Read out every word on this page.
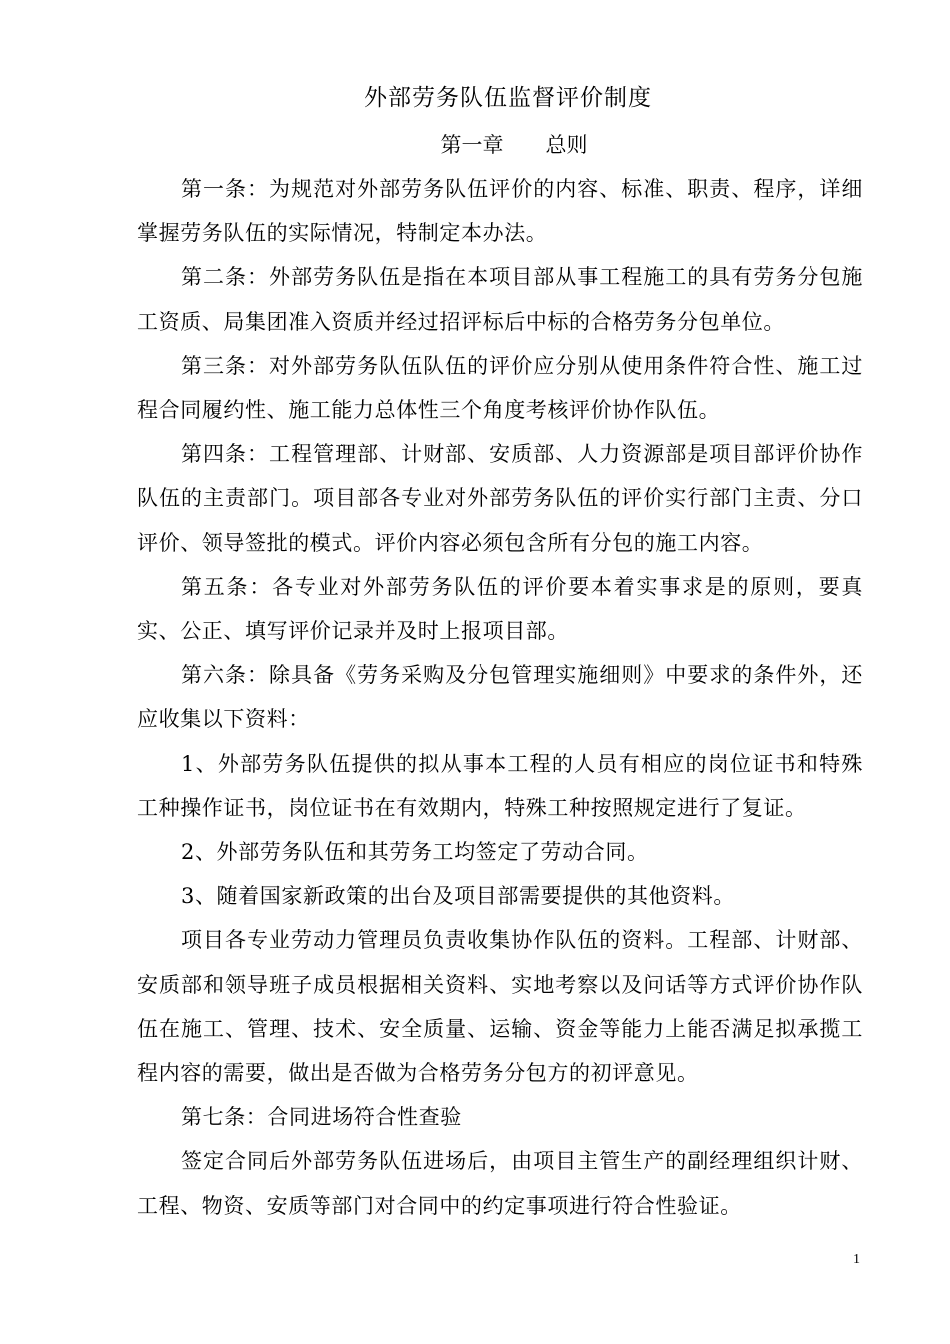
外部劳务队伍监督评价制度
第一章　　总则

第一条：为规范对外部劳务队伍评价的内容、标准、职责、程序，详细掌握劳务队伍的实际情况，特制定本办法。

第二条：外部劳务队伍是指在本项目部从事工程施工的具有劳务分包施工资质、局集团准入资质并经过招评标后中标的合格劳务分包单位。

第三条：对外部劳务队伍队伍的评价应分别从使用条件符合性、施工过程合同履约性、施工能力总体性三个角度考核评价协作队伍。

第四条：工程管理部、计财部、安质部、人力资源部是项目部评价协作队伍的主责部门。项目部各专业对外部劳务队伍的评价实行部门主责、分口评价、领导签批的模式。评价内容必须包含所有分包的施工内容。

第五条：各专业对外部劳务队伍的评价要本着实事求是的原则，要真实、公正、填写评价记录并及时上报项目部。

第六条：除具备《劳务采购及分包管理实施细则》中要求的条件外，还应收集以下资料：

1、外部劳务队伍提供的拟从事本工程的人员有相应的岗位证书和特殊工种操作证书，岗位证书在有效期内，特殊工种按照规定进行了复证。

2、外部劳务队伍和其劳务工均签定了劳动合同。

3、随着国家新政策的出台及项目部需要提供的其他资料。

项目各专业劳动力管理员负责收集协作队伍的资料。工程部、计财部、安质部和领导班子成员根据相关资料、实地考察以及问话等方式评价协作队伍在施工、管理、技术、安全质量、运输、资金等能力上能否满足拟承揽工程内容的需要，做出是否做为合格劳务分包方的初评意见。

第七条：合同进场符合性查验

签定合同后外部劳务队伍进场后，由项目主管生产的副经理组织计财、工程、物资、安质等部门对合同中的约定事项进行符合性验证。

1
